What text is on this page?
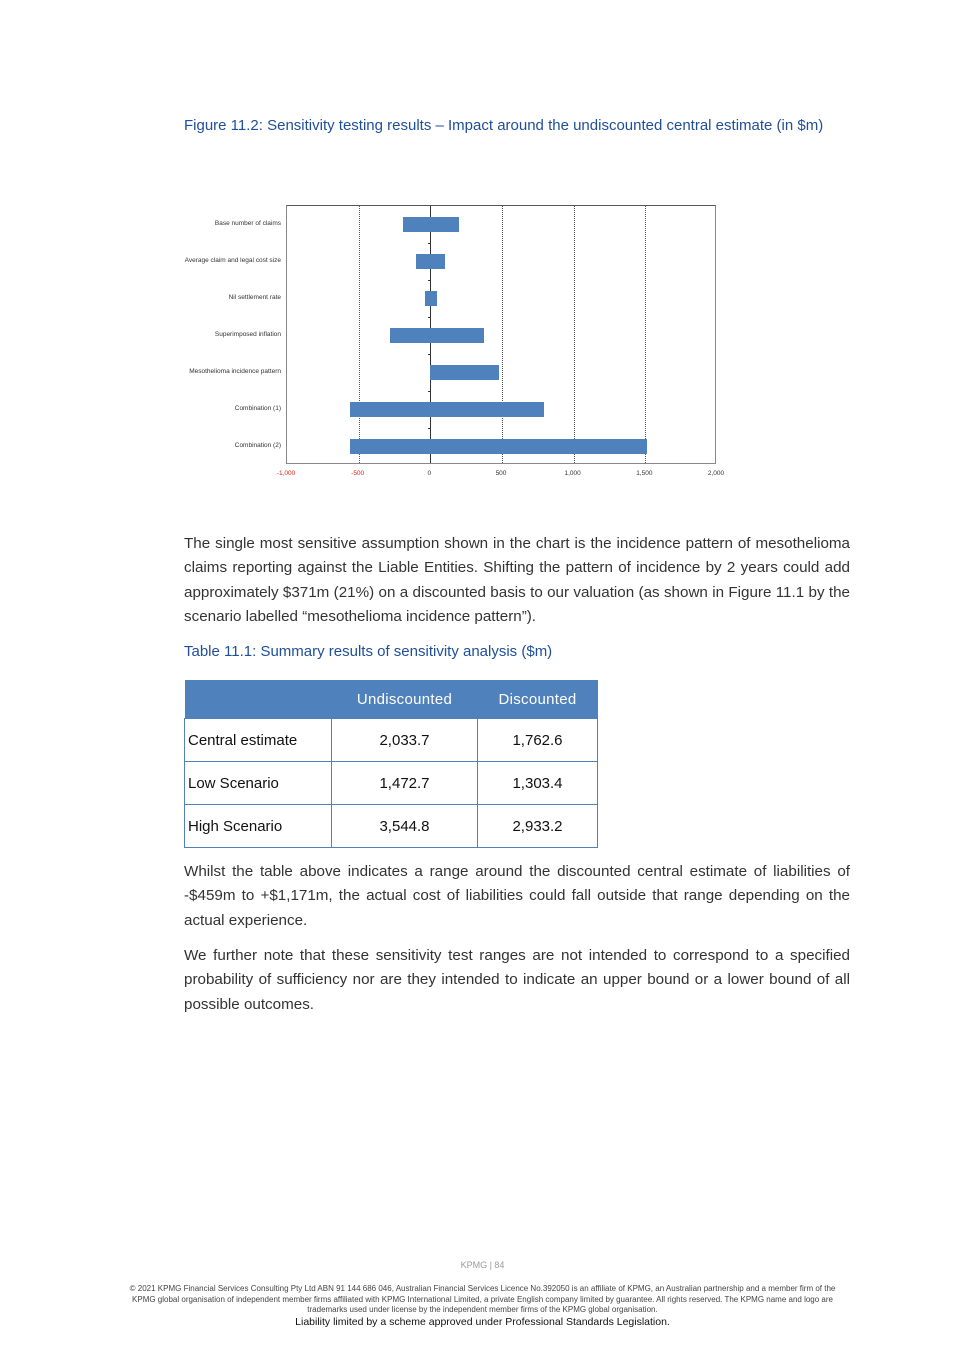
Figure 11.2: Sensitivity testing results – Impact around the undiscounted central estimate (in $m)
Base number of claims
Average claim and legal cost size
Nil settlement rate
Superimposed inflation
Mesothelioma incidence pattern
Combination (1)
Combination (2)
-1,000	-500	0	500	1,000	1,500	2,000
The single most sensitive assumption shown in the chart is the incidence pattern of mesothelioma claims reporting against the Liable Entities. Shifting the pattern of incidence by 2 years could add approximately $371m (21%) on a discounted basis to our valuation (as shown in Figure 11.1 by the scenario labelled “mesothelioma incidence pattern”).
Table 11.1: Summary results of sensitivity analysis ($m)
	Undiscounted	Discounted
Central estimate	2,033.7	1,762.6
Low Scenario	1,472.7	1,303.4
High Scenario	3,544.8	2,933.2
Whilst the table above indicates a range around the discounted central estimate of liabilities of -$459m to +$1,171m, the actual cost of liabilities could fall outside that range depending on the actual experience.
We further note that these sensitivity test ranges are not intended to correspond to a specified probability of sufficiency nor are they intended to indicate an upper bound or a lower bound of all possible outcomes.
KPMG | 84
© 2021 KPMG Financial Services Consulting Pty Ltd ABN 91 144 686 046, Australian Financial Services Licence No.392050 is an affiliate of KPMG, an Australian partnership and a member firm of the KPMG global organisation of independent member firms affiliated with KPMG International Limited, a private English company limited by guarantee. All rights reserved. The KPMG name and logo are trademarks used under license by the independent member firms of the KPMG global organisation.
Liability limited by a scheme approved under Professional Standards Legislation.
